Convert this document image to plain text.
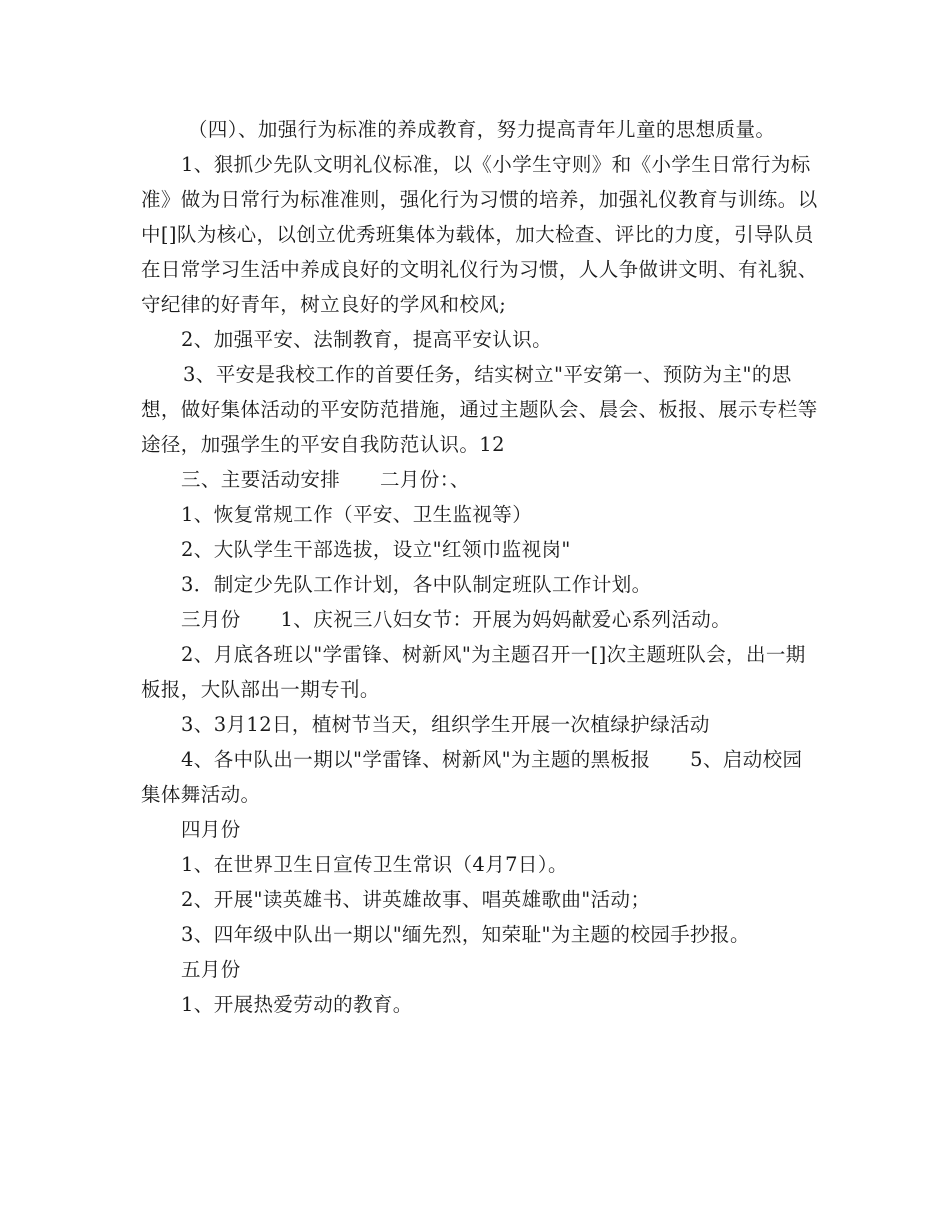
（四）、加强行为标准的养成教育，努力提高青年儿童的思想质量。

1、狠抓少先队文明礼仪标准，以《小学生守则》和《小学生日常行为标准》做为日常行为标准准则，强化行为习惯的培养，加强礼仪教育与训练。以中[]队为核心，以创立优秀班集体为载体，加大检查、评比的力度，引导队员在日常学习生活中养成良好的文明礼仪行为习惯，人人争做讲文明、有礼貌、守纪律的好青年，树立良好的学风和校风;

2、加强平安、法制教育，提高平安认识。

3、平安是我校工作的首要任务，结实树立"平安第一、预防为主"的思想，做好集体活动的平安防范措施，通过主题队会、晨会、板报、展示专栏等途径，加强学生的平安自我防范认识。12

三、主要活动安排　　二月份：、

1、恢复常规工作（平安、卫生监视等）

2、大队学生干部选拔，设立"红领巾监视岗"

3．制定少先队工作计划，各中队制定班队工作计划。

三月份　　1、庆祝三八妇女节：开展为妈妈献爱心系列活动。

2、月底各班以"学雷锋、树新风"为主题召开一[]次主题班队会，出一期板报，大队部出一期专刊。

3、3月12日，植树节当天，组织学生开展一次植绿护绿活动

4、各中队出一期以"学雷锋、树新风"为主题的黑板报　　5、启动校园集体舞活动。

四月份

1、在世界卫生日宣传卫生常识（4月7日）。

2、开展"读英雄书、讲英雄故事、唱英雄歌曲"活动；

3、四年级中队出一期以"缅先烈，知荣耻"为主题的校园手抄报。

五月份

1、开展热爱劳动的教育。
